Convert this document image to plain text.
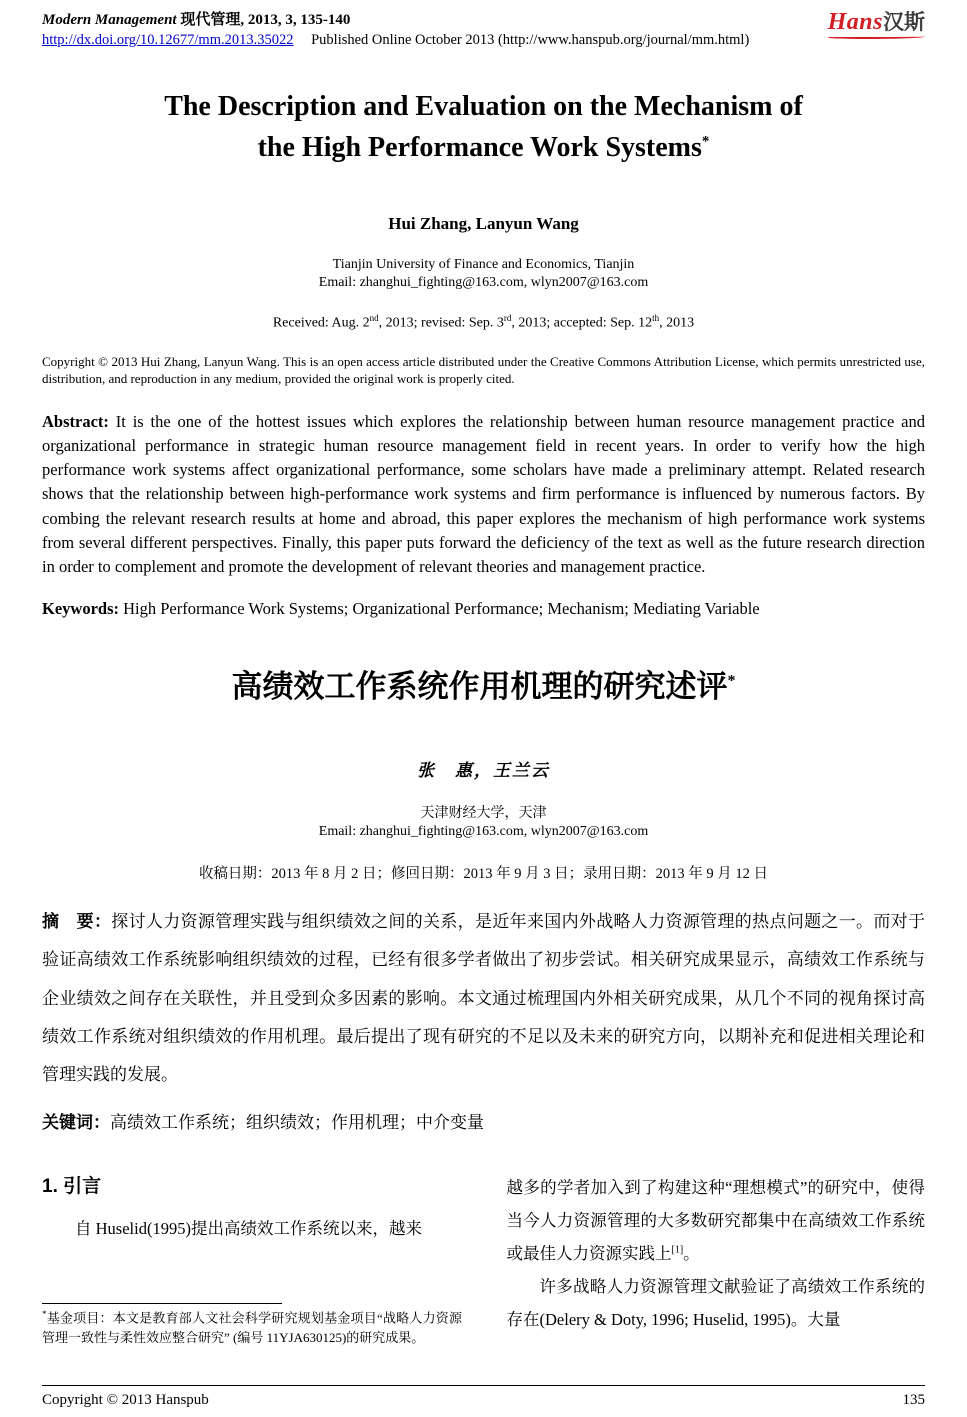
Modern Management 现代管理, 2013, 3, 135-140
http://dx.doi.org/10.12677/mm.2013.35022 Published Online October 2013 (http://www.hanspub.org/journal/mm.html)
Hans汉斯
The Description and Evaluation on the Mechanism of
the High Performance Work Systems*
Hui Zhang, Lanyun Wang
Tianjin University of Finance and Economics, Tianjin
Email: zhanghui_fighting@163.com, wlyn2007@163.com
Received: Aug. 2nd, 2013; revised: Sep. 3rd, 2013; accepted: Sep. 12th, 2013
Copyright © 2013 Hui Zhang, Lanyun Wang. This is an open access article distributed under the Creative Commons Attribution License, which permits unrestricted use, distribution, and reproduction in any medium, provided the original work is properly cited.
Abstract: It is the one of the hottest issues which explores the relationship between human resource management practice and organizational performance in strategic human resource management field in recent years. In order to verify how the high performance work systems affect organizational performance, some scholars have made a preliminary attempt. Related research shows that the relationship between high-performance work systems and firm performance is influenced by numerous factors. By combing the relevant research results at home and abroad, this paper explores the mechanism of high performance work systems from several different perspectives. Finally, this paper puts forward the deficiency of the text as well as the future research direction in order to complement and promote the development of relevant theories and management practice.
Keywords: High Performance Work Systems; Organizational Performance; Mechanism; Mediating Variable
高绩效工作系统作用机理的研究述评*
张　惠，王兰云
天津财经大学，天津
Email: zhanghui_fighting@163.com, wlyn2007@163.com
收稿日期：2013 年 8 月 2 日；修回日期：2013 年 9 月 3 日；录用日期：2013 年 9 月 12 日
摘　要：探讨人力资源管理实践与组织绩效之间的关系，是近年来国内外战略人力资源管理的热点问题之一。而对于验证高绩效工作系统影响组织绩效的过程，已经有很多学者做出了初步尝试。相关研究成果显示，高绩效工作系统与企业绩效之间存在关联性，并且受到众多因素的影响。本文通过梳理国内外相关研究成果，从几个不同的视角探讨高绩效工作系统对组织绩效的作用机理。最后提出了现有研究的不足以及未来的研究方向，以期补充和促进相关理论和管理实践的发展。
关键词：高绩效工作系统；组织绩效；作用机理；中介变量
1. 引言

自 Huselid(1995)提出高绩效工作系统以来，越来

越多的学者加入到了构建这种“理想模式”的研究中，使得当今人力资源管理的大多数研究都集中在高绩效工作系统或最佳人力资源实践上[1]。

许多战略人力资源管理文献验证了高绩效工作系统的存在(Delery & Doty, 1996; Huselid, 1995)。大量

*基金项目：本文是教育部人文社会科学研究规划基金项目“战略人力资源管理一致性与柔性效应整合研究” (编号 11YJA630125)的研究成果。
Copyright © 2013 Hanspub	135
